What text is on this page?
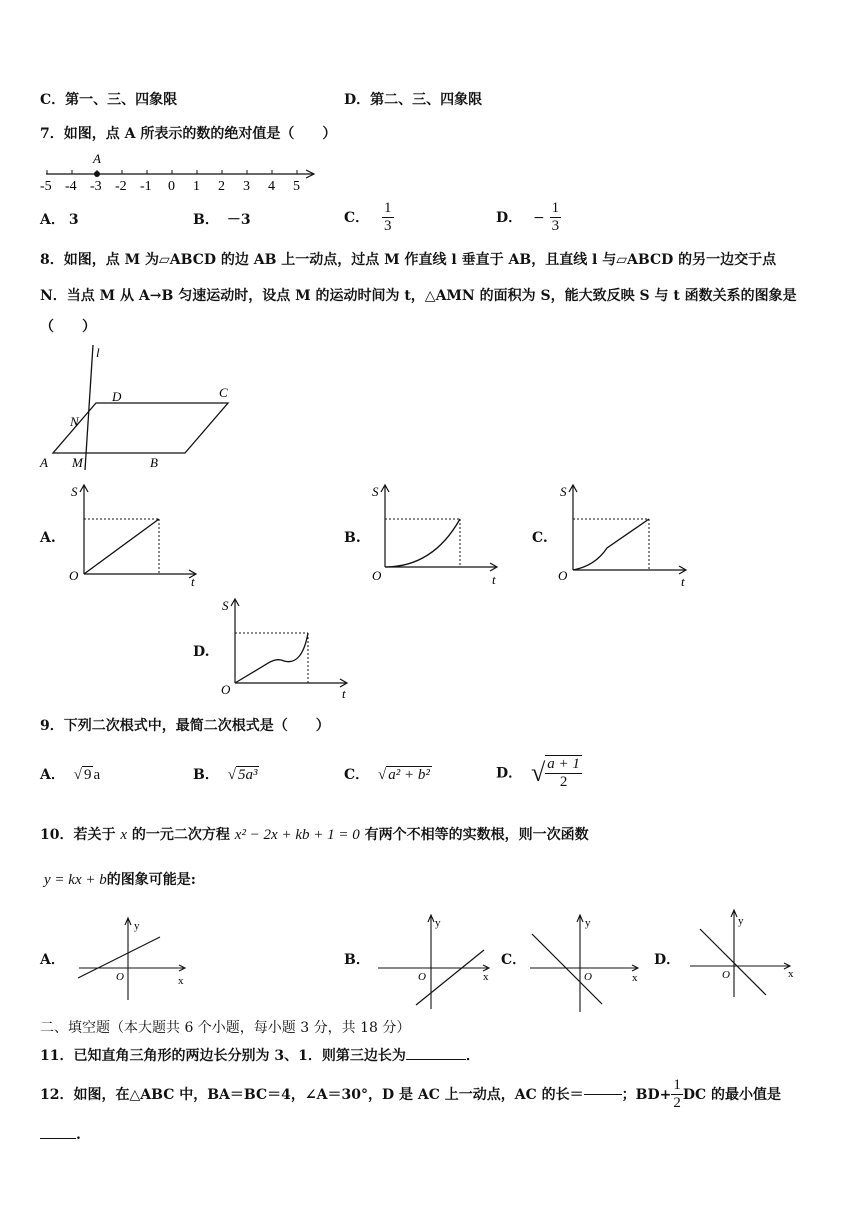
C．第一、三、四象限	D．第二、三、四象限
7．如图，点 A 所表示的数的绝对值是（　　）
-5 -4 -3 -2 -1 0 1 2 3 4 5
A
A． 3	B． －3	C． $\frac{1}{3}$	D． − $\frac{1}{3}$
8．如图，点 M 为▱ABCD 的边 AB 上一动点，过点 M 作直线 l 垂直于 AB，且直线 l 与▱ABCD 的另一边交于点
N．当点 M 从 A→B 匀速运动时，设点 M 的运动时间为 t，△AMN 的面积为 S，能大致反映 S 与 t 函数关系的图象是
（　　）
l
D	C
N
A M	B
A.
S
O	t
B.
S
O	t
C.
S
O	t
D.
S
O	t
9．下列二次根式中，最简二次根式是（　　）
A． √ 9 a	B． √ 5a³	C． √ a² + b²	D． √ $\frac{a + 1}{2}$
10．若关于 x 的一元二次方程 x² − 2x + kb + 1 = 0 有两个不相等的实数根，则一次函数
y = kx + b的图象可能是:
A．
y
x
O
B．
y
x
O
C．
y
x
O
D．
y
x
O
二、填空题（本大题共 6 个小题，每小题 3 分，共 18 分）
11．已知直角三角形的两边长分别为 3、1．则第三边长为	．
12．如图，在△ABC 中，BA＝BC＝4，∠A＝30°，D 是 AC 上一动点，AC 的长＝	；$BD+ \frac{1}{2}$ DC 的最小值是
.
